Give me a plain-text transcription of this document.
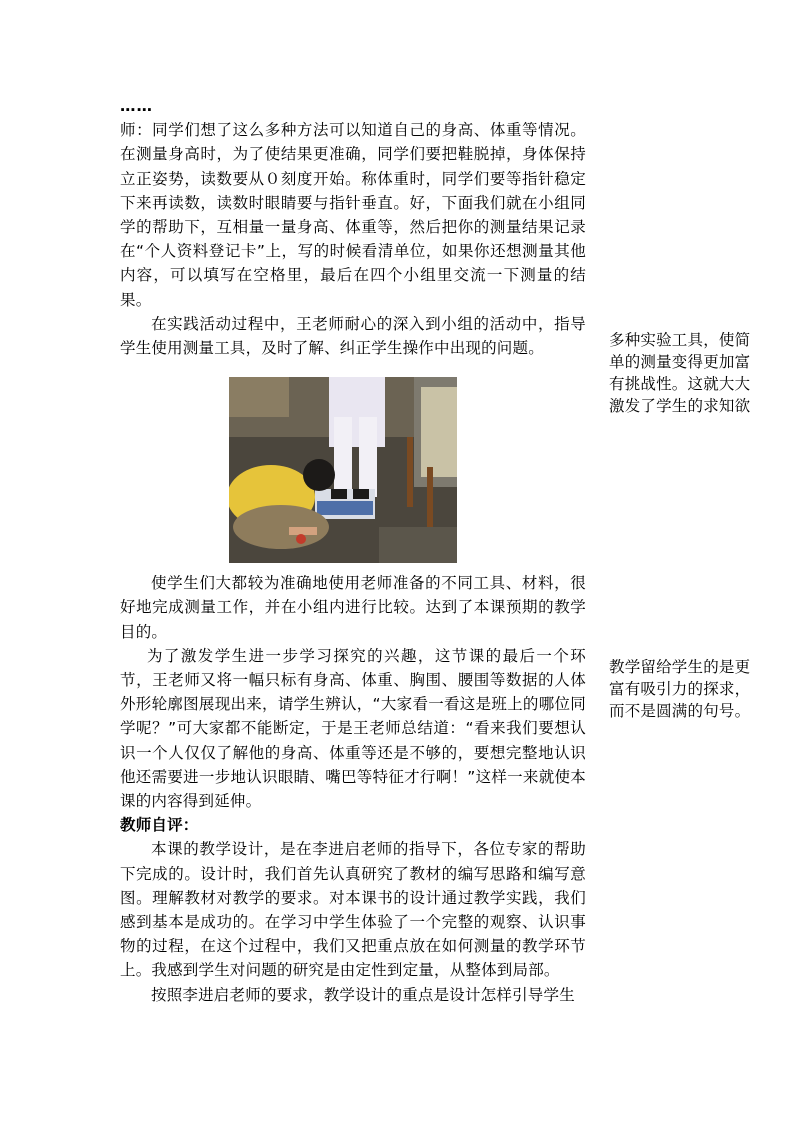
……

师：同学们想了这么多种方法可以知道自己的身高、体重等情况。在测量身高时，为了使结果更准确，同学们要把鞋脱掉，身体保持立正姿势，读数要从０刻度开始。称体重时，同学们要等指针稳定下来再读数，读数时眼睛要与指针垂直。好，下面我们就在小组同学的帮助下，互相量一量身高、体重等，然后把你的测量结果记录在“个人资料登记卡”上，写的时候看清单位，如果你还想测量其他内容，可以填写在空格里，最后在四个小组里交流一下测量的结果。

在实践活动过程中，王老师耐心的深入到小组的活动中，指导学生使用测量工具，及时了解、纠正学生操作中出现的问题。

使学生们大都较为准确地使用老师准备的不同工具、材料，很好地完成测量工作，并在小组内进行比较。达到了本课预期的教学目的。

为了激发学生进一步学习探究的兴趣，这节课的最后一个环节，王老师又将一幅只标有身高、体重、胸围、腰围等数据的人体外形轮廓图展现出来，请学生辨认，“大家看一看这是班上的哪位同学呢？”可大家都不能断定，于是王老师总结道：“看来我们要想认识一个人仅仅了解他的身高、体重等还是不够的，要想完整地认识他还需要进一步地认识眼睛、嘴巴等特征才行啊！”这样一来就使本课的内容得到延伸。

教师自评：

本课的教学设计，是在李进启老师的指导下，各位专家的帮助下完成的。设计时，我们首先认真研究了教材的编写思路和编写意图。理解教材对教学的要求。对本课书的设计通过教学实践，我们感到基本是成功的。在学习中学生体验了一个完整的观察、认识事物的过程，在这个过程中，我们又把重点放在如何测量的教学环节上。我感到学生对问题的研究是由定性到定量，从整体到局部。

按照李进启老师的要求，教学设计的重点是设计怎样引导学生

多种实验工具，使简单的测量变得更加富有挑战性。这就大大激发了学生的求知欲
教学留给学生的是更富有吸引力的探求，而不是圆满的句号。
